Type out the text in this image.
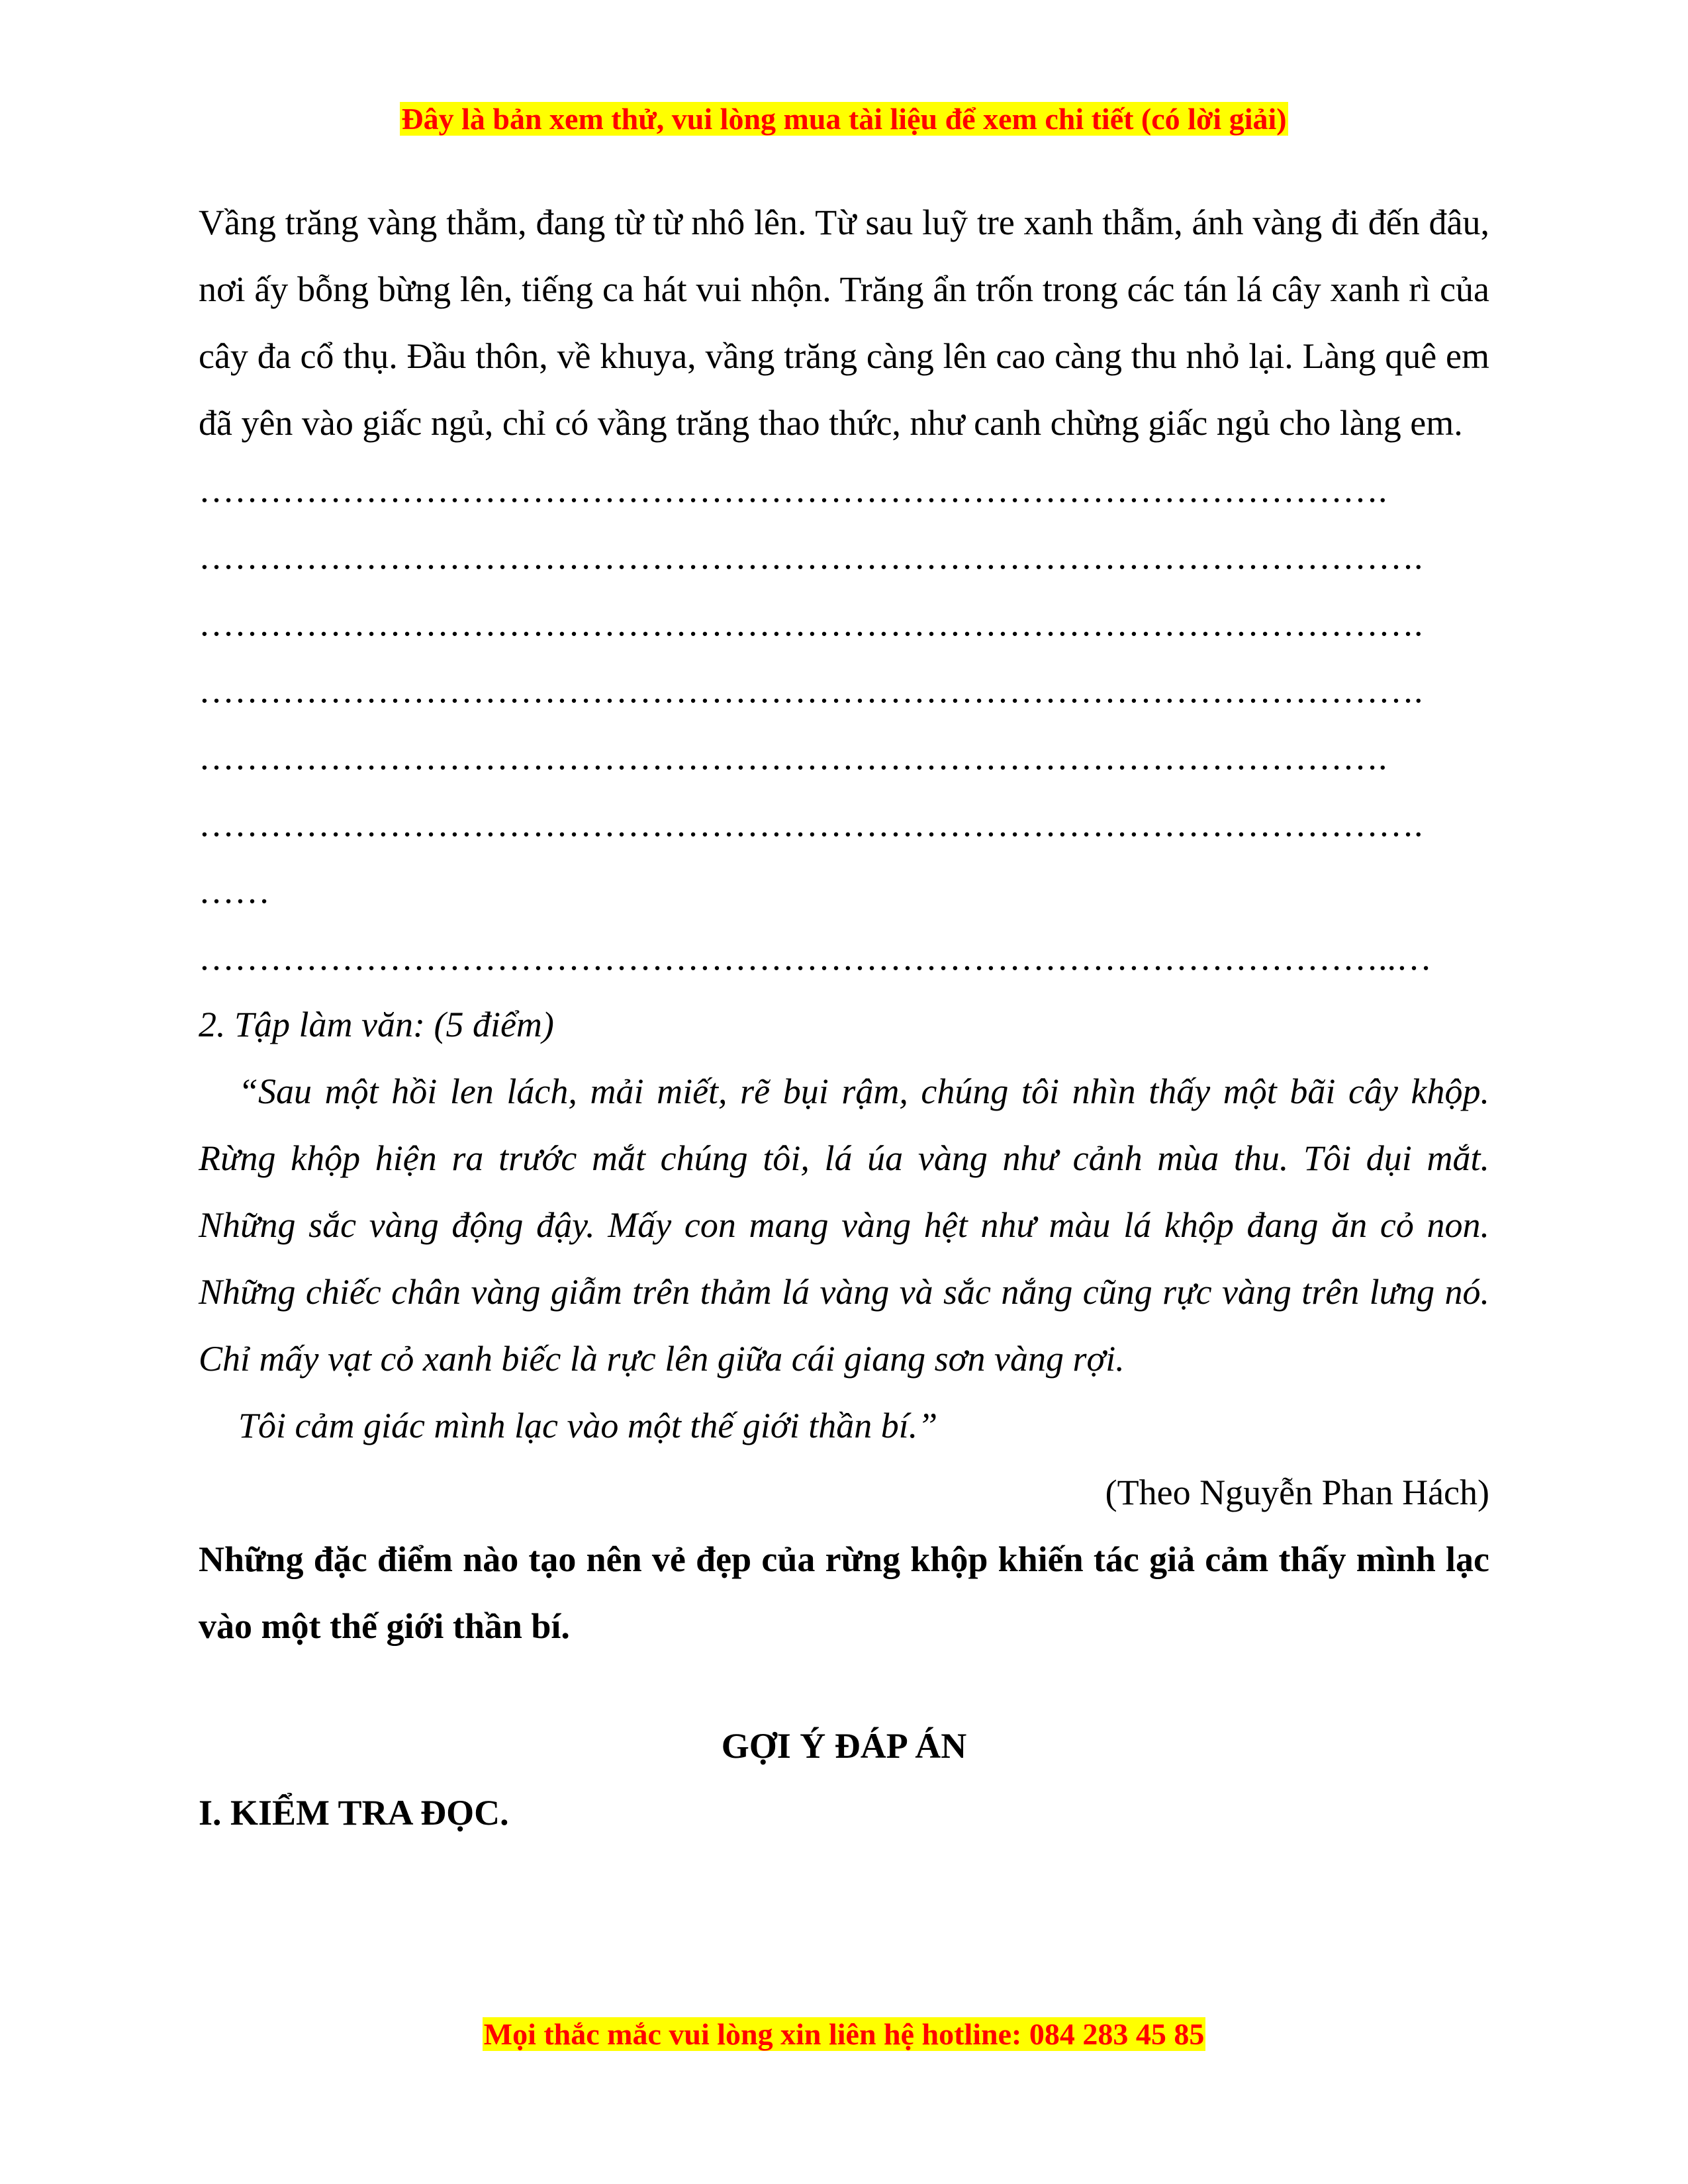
Đây là bản xem thử, vui lòng mua tài liệu để xem chi tiết (có lời giải)

Vầng trăng vàng thẳm, đang từ từ nhô lên. Từ sau luỹ tre xanh thẫm, ánh vàng đi đến đâu, nơi ấy bỗng bừng lên, tiếng ca hát vui nhộn. Trăng ẩn trốn trong các tán lá cây xanh rì của cây đa cổ thụ. Đầu thôn, về khuya, vầng trăng càng lên cao càng thu nhỏ lại. Làng quê em đã yên vào giấc ngủ, chỉ có vầng trăng thao thức, như canh chừng giấc ngủ cho làng em.

……………………………………………………………………………………….

………………………………………………………………………………………….

………………………………………………………………………………………….

………………………………………………………………………………………….

……………………………………………………………………………………….

………………………………………………………………………………………….

……

………………………………………………………………………………………..…

2. Tập làm văn: (5 điểm)

“Sau một hồi len lách, mải miết, rẽ bụi rậm, chúng tôi nhìn thấy một bãi cây khộp. Rừng khộp hiện ra trước mắt chúng tôi, lá úa vàng như cảnh mùa thu. Tôi dụi mắt. Những sắc vàng động đậy. Mấy con mang vàng hệt như màu lá khộp đang ăn cỏ non. Những chiếc chân vàng giẫm trên thảm lá vàng và sắc nắng cũng rực vàng trên lưng nó. Chỉ mấy vạt cỏ xanh biếc là rực lên giữa cái giang sơn vàng rợi.

Tôi cảm giác mình lạc vào một thế giới thần bí.”

(Theo Nguyễn Phan Hách)

Những đặc điểm nào tạo nên vẻ đẹp của rừng khộp khiến tác giả cảm thấy mình lạc vào một thế giới thần bí.

GỢI Ý ĐÁP ÁN

I. KIỂM TRA ĐỌC.

Mọi thắc mắc vui lòng xin liên hệ hotline: 084 283 45 85
